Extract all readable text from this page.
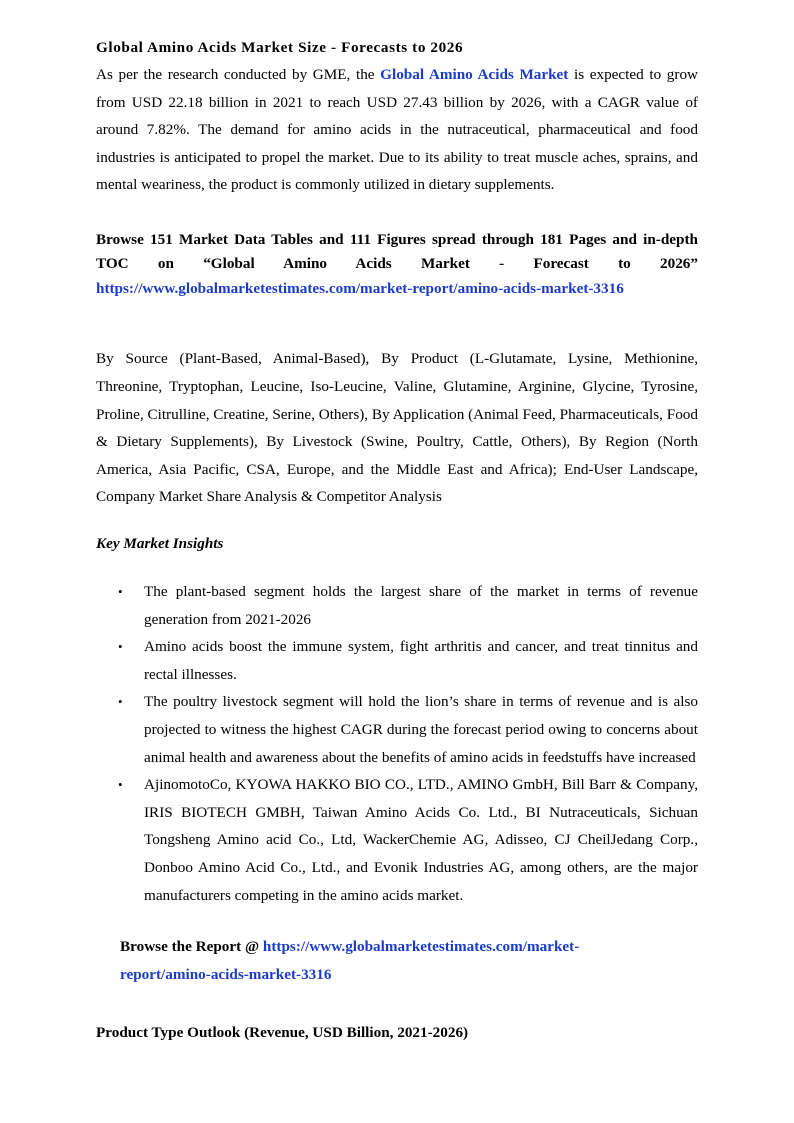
Global Amino Acids Market Size - Forecasts to 2026

As per the research conducted by GME, the Global Amino Acids Market is expected to grow from USD 22.18 billion in 2021 to reach USD 27.43 billion by 2026, with a CAGR value of around 7.82%. The demand for amino acids in the nutraceutical, pharmaceutical and food industries is anticipated to propel the market. Due to its ability to treat muscle aches, sprains, and mental weariness, the product is commonly utilized in dietary supplements.

Browse 151 Market Data Tables and 111 Figures spread through 181 Pages and in-depth TOC on “Global Amino Acids Market - Forecast to 2026” https://www.globalmarketestimates.com/market-report/amino-acids-market-3316

By Source (Plant-Based, Animal-Based), By Product (L-Glutamate, Lysine, Methionine, Threonine, Tryptophan, Leucine, Iso-Leucine, Valine, Glutamine, Arginine, Glycine, Tyrosine, Proline, Citrulline, Creatine, Serine, Others), By Application (Animal Feed, Pharmaceuticals, Food & Dietary Supplements), By Livestock (Swine, Poultry, Cattle, Others), By Region (North America, Asia Pacific, CSA, Europe, and the Middle East and Africa); End-User Landscape, Company Market Share Analysis & Competitor Analysis

Key Market Insights

• The plant-based segment holds the largest share of the market in terms of revenue generation from 2021-2026
• Amino acids boost the immune system, fight arthritis and cancer, and treat tinnitus and rectal illnesses.
• The poultry livestock segment will hold the lion’s share in terms of revenue and is also projected to witness the highest CAGR during the forecast period owing to concerns about animal health and awareness about the benefits of amino acids in feedstuffs have increased
• AjinomotoCo, KYOWA HAKKO BIO CO., LTD., AMINO GmbH, Bill Barr & Company, IRIS BIOTECH GMBH, Taiwan Amino Acids Co. Ltd., BI Nutraceuticals, Sichuan Tongsheng Amino acid Co., Ltd, WackerChemie AG, Adisseo, CJ CheilJedang Corp., Donboo Amino Acid Co., Ltd., and Evonik Industries AG, among others, are the major manufacturers competing in the amino acids market.

Browse the Report @ https://www.globalmarketestimates.com/market-
report/amino-acids-market-3316

Product Type Outlook (Revenue, USD Billion, 2021-2026)
